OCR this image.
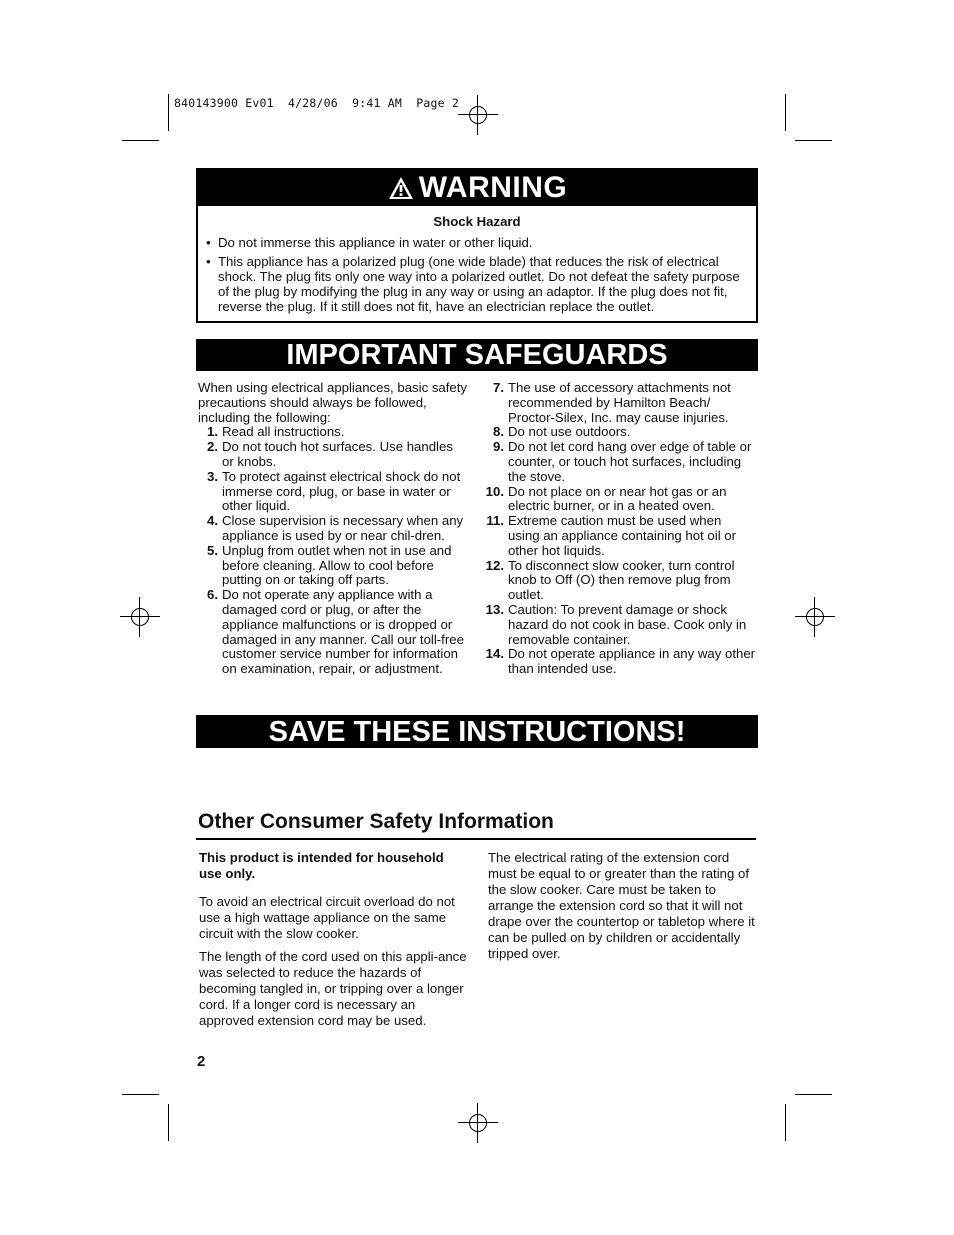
840143900 Ev01  4/28/06  9:41 AM  Page 2
WARNING
Shock Hazard
• Do not immerse this appliance in water or other liquid.
• This appliance has a polarized plug (one wide blade) that reduces the risk of electrical shock. The plug fits only one way into a polarized outlet. Do not defeat the safety purpose of the plug by modifying the plug in any way or using an adaptor. If the plug does not fit, reverse the plug. If it still does not fit, have an electrician replace the outlet.
IMPORTANT SAFEGUARDS
When using electrical appliances, basic safety precautions should always be followed, including the following:
1. Read all instructions.
2. Do not touch hot surfaces. Use handles or knobs.
3. To protect against electrical shock do not immerse cord, plug, or base in water or other liquid.
4. Close supervision is necessary when any appliance is used by or near chil-dren.
5. Unplug from outlet when not in use and before cleaning. Allow to cool before putting on or taking off parts.
6. Do not operate any appliance with a damaged cord or plug, or after the appliance malfunctions or is dropped or damaged in any manner. Call our toll-free customer service number for information on examination, repair, or adjustment.
7. The use of accessory attachments not recommended by Hamilton Beach/ Proctor-Silex, Inc. may cause injuries.
8. Do not use outdoors.
9. Do not let cord hang over edge of table or counter, or touch hot surfaces, including the stove.
10. Do not place on or near hot gas or an electric burner, or in a heated oven.
11. Extreme caution must be used when using an appliance containing hot oil or other hot liquids.
12. To disconnect slow cooker, turn control knob to Off (O) then remove plug from outlet.
13. Caution: To prevent damage or shock hazard do not cook in base. Cook only in removable container.
14. Do not operate appliance in any way other than intended use.
SAVE THESE INSTRUCTIONS!
Other Consumer Safety Information

This product is intended for household use only.

To avoid an electrical circuit overload do not use a high wattage appliance on the same circuit with the slow cooker.

The length of the cord used on this appli-ance was selected to reduce the hazards of becoming tangled in, or tripping over a longer cord. If a longer cord is necessary an approved extension cord may be used.

The electrical rating of the extension cord must be equal to or greater than the rating of the slow cooker. Care must be taken to arrange the extension cord so that it will not drape over the countertop or tabletop where it can be pulled on by children or accidentally tripped over.

2
